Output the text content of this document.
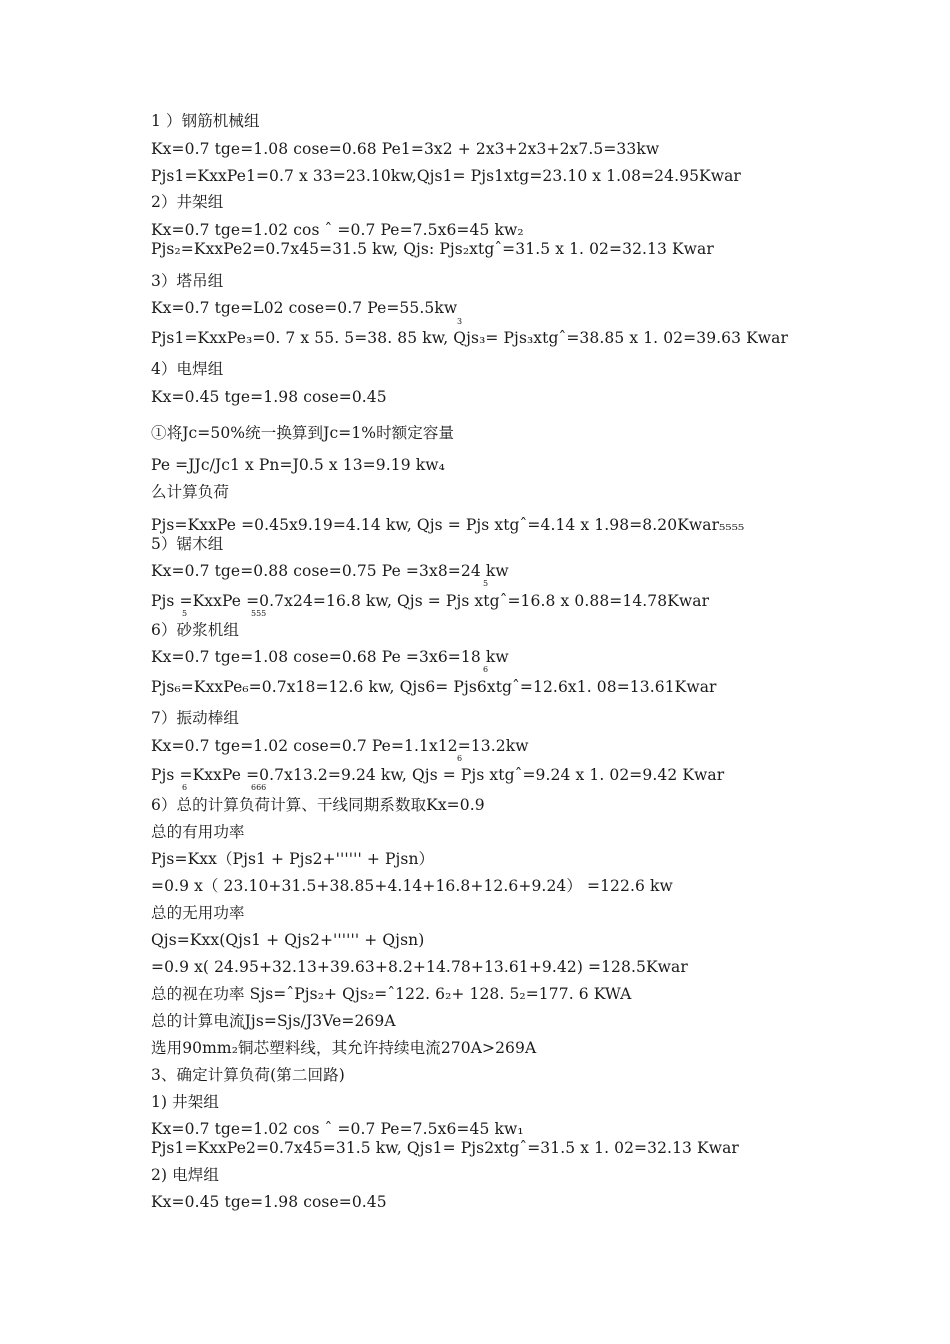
1 ）钢筋机械组
Kx=0.7 tge=1.08 cose=0.68 Pe1=3x2 + 2x3+2x3+2x7.5=33kw
Pjs1=KxxPe1=0.7 x 33=23.10kw,Qjs1= Pjs1xtg=23.10 x 1.08=24.95Kwar
2）井架组
Kx=0.7 tge=1.02 cos ˆ =0.7 Pe=7.5x6=45 kw₂
Pjs₂=KxxPe2=0.7x45=31.5 kw, Qjs: Pjs₂xtgˆ=31.5 x 1. 02=32.13 Kwar
3）塔吊组
Kx=0.7 tge=L02 cose=0.7 Pe=55.5kw
3
Pjs1=KxxPe₃=0. 7 x 55. 5=38. 85 kw, Qjs₃= Pjs₃xtgˆ=38.85 x 1. 02=39.63 Kwar
4）电焊组
Kx=0.45 tge=1.98 cose=0.45
①将Jc=50%统一换算到Jc=1%时额定容量
Pe =JJc/Jc1 x Pn=J0.5 x 13=9.19 kw₄
么计算负荷
Pjs=KxxPe =0.45x9.19=4.14 kw, Qjs = Pjs xtgˆ=4.14 x 1.98=8.20Kwar₅₅₅₅
5）锯木组
Kx=0.7 tge=0.88 cose=0.75 Pe =3x8=24 kw
5
Pjs =KxxPe =0.7x24=16.8 kw, Qjs = Pjs xtgˆ=16.8 x 0.88=14.78Kwar
5	555
6）砂浆机组
Kx=0.7 tge=1.08 cose=0.68 Pe =3x6=18 kw
6
Pjs₆=KxxPe₆=0.7x18=12.6 kw, Qjs6= Pjs6xtgˆ=12.6x1. 08=13.61Kwar
7）振动棒组
Kx=0.7 tge=1.02 cose=0.7 Pe=1.1x12=13.2kw
6
Pjs =KxxPe =0.7x13.2=9.24 kw, Qjs = Pjs xtgˆ=9.24 x 1. 02=9.42 Kwar
6	666
6）总的计算负荷计算、干线同期系数取Kx=0.9
总的有用功率
Pjs=Kxx（Pjs1 + Pjs2+'''''' + Pjsn）
=0.9 x（ 23.10+31.5+38.85+4.14+16.8+12.6+9.24） =122.6 kw
总的无用功率
Qjs=Kxx(Qjs1 + Qjs2+'''''' + Qjsn)
=0.9 x( 24.95+32.13+39.63+8.2+14.78+13.61+9.42) =128.5Kwar
总的视在功率 Sjs=ˆPjs₂+ Qjs₂=ˆ122. 6₂+ 128. 5₂=177. 6 KWA
总的计算电流Jjs=Sjs/J3Ve=269A
选用90mm₂铜芯塑料线，其允许持续电流270A>269A
3、确定计算负荷(第二回路)
1) 井架组
Kx=0.7 tge=1.02 cos ˆ =0.7 Pe=7.5x6=45 kw₁
Pjs1=KxxPe2=0.7x45=31.5 kw, Qjs1= Pjs2xtgˆ=31.5 x 1. 02=32.13 Kwar
2) 电焊组
Kx=0.45 tge=1.98 cose=0.45
